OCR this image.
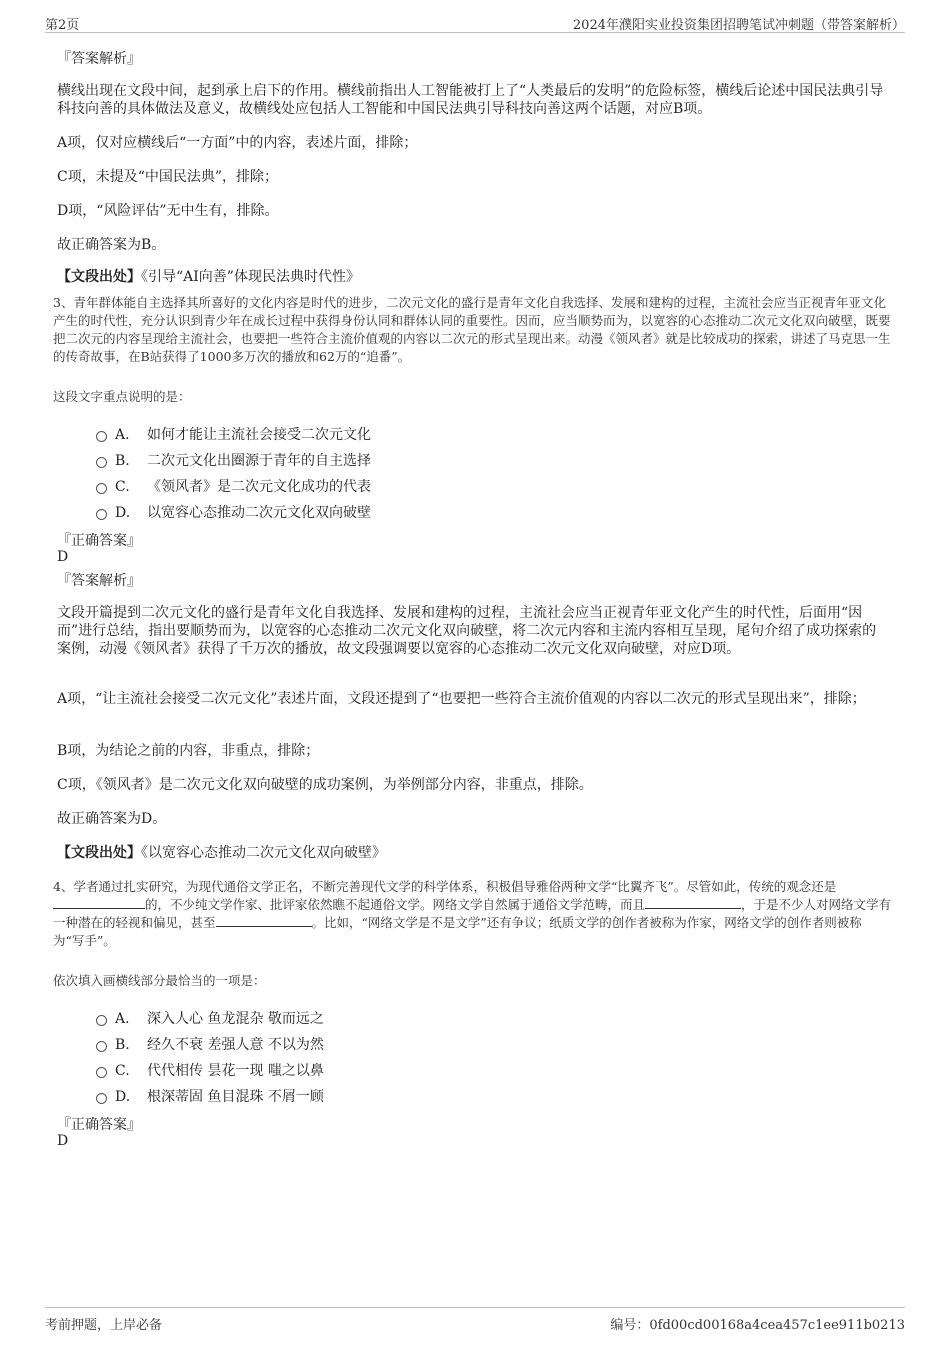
第2页	2024年濮阳实业投资集团招聘笔试冲刺题（带答案解析）
『答案解析』
横线出现在文段中间，起到承上启下的作用。横线前指出人工智能被打上了“人类最后的发明”的危险标签，横线后论述中国民法典引导科技向善的具体做法及意义，故横线处应包括人工智能和中国民法典引导科技向善这两个话题，对应B项。
A项，仅对应横线后“一方面”中的内容，表述片面，排除；
C项，未提及“中国民法典”，排除；
D项，“风险评估”无中生有，排除。
故正确答案为B。
【文段出处】《引导“AI向善”体现民法典时代性》
3、青年群体能自主选择其所喜好的文化内容是时代的进步，二次元文化的盛行是青年文化自我选择、发展和建构的过程，主流社会应当正视青年亚文化产生的时代性，充分认识到青少年在成长过程中获得身份认同和群体认同的重要性。因而，应当顺势而为，以宽容的心态推动二次元文化双向破壁，既要把二次元的内容呈现给主流社会，也要把一些符合主流价值观的内容以二次元的形式呈现出来。动漫《领风者》就是比较成功的探索，讲述了马克思一生的传奇故事，在B站获得了1000多万次的播放和62万的“追番”。
这段文字重点说明的是：
A． 如何才能让主流社会接受二次元文化
B. 二次元文化出圈源于青年的自主选择
C. 《领风者》是二次元文化成功的代表
D. 以宽容心态推动二次元文化双向破壁
『正确答案』
D
『答案解析』
文段开篇提到二次元文化的盛行是青年文化自我选择、发展和建构的过程，主流社会应当正视青年亚文化产生的时代性，后面用“因而”进行总结，指出要顺势而为，以宽容的心态推动二次元文化双向破壁，将二次元内容和主流内容相互呈现，尾句介绍了成功探索的案例，动漫《领风者》获得了千万次的播放，故文段强调要以宽容的心态推动二次元文化双向破壁，对应D项。
A项，“让主流社会接受二次元文化”表述片面，文段还提到了“也要把一些符合主流价值观的内容以二次元的形式呈现出来”，排除；
B项，为结论之前的内容，非重点，排除；
C项，《领风者》是二次元文化双向破壁的成功案例，为举例部分内容，非重点，排除。
故正确答案为D。
【文段出处】《以宽容心态推动二次元文化双向破壁》
4、学者通过扎实研究，为现代通俗文学正名，不断完善现代文学的科学体系，积极倡导雅俗两种文学“比翼齐飞”。尽管如此，传统的观念还是的，不少纯文学作家、批评家依然瞧不起通俗文学。网络文学自然属于通俗文学范畴，而且	，于是不少人对网络文学有一种潜在的轻视和偏见，甚至	。比如，“网络文学是不是文学”还有争议；纸质文学的创作者被称为作家，网络文学的创作者则被称为“写手”。
依次填入画横线部分最恰当的一项是：
A． 深入人心 鱼龙混杂 敬而远之
B. 经久不衰 差强人意 不以为然
C. 代代相传 昙花一现 嗤之以鼻
D. 根深蒂固 鱼目混珠 不屑一顾
『正确答案』
D
考前押题，上岸必备	编号：0fd00cd00168a4cea457c1ee911b0213
